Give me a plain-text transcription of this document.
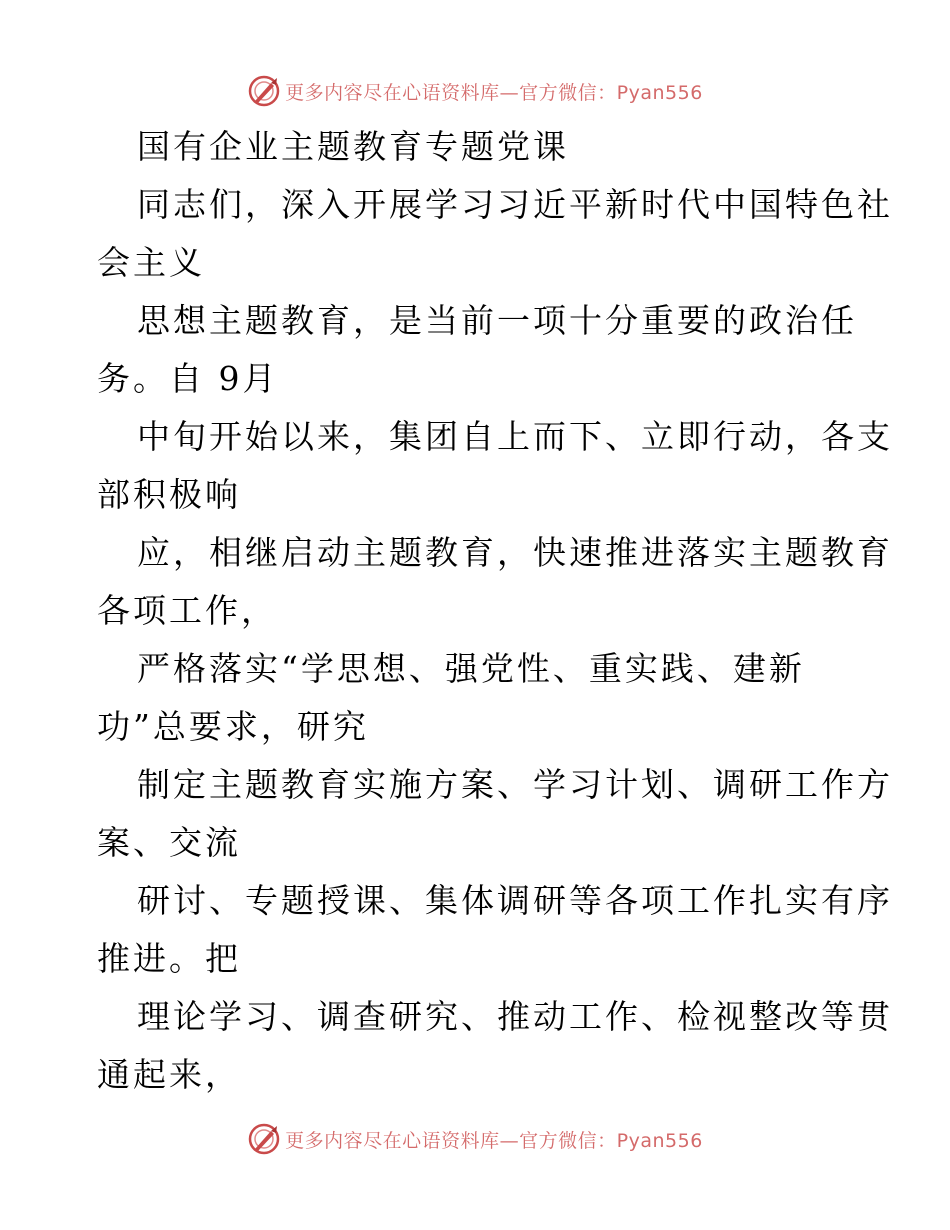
更多内容尽在心语资料库—官方微信：Pyan556
国有企业主题教育专题党课
同志们，深入开展学习习近平新时代中国特色社
会主义
思想主题教育，是当前一项十分重要的政治任
务。自 9月
中旬开始以来，集团自上而下、立即行动，各支
部积极响
应，相继启动主题教育，快速推进落实主题教育
各项工作，
严格落实“学思想、强党性、重实践、建新
功”总要求，研究
制定主题教育实施方案、学习计划、调研工作方
案、交流
研讨、专题授课、集体调研等各项工作扎实有序
推进。把
理论学习、调查研究、推动工作、检视整改等贯
通起来，
更多内容尽在心语资料库—官方微信：Pyan556
